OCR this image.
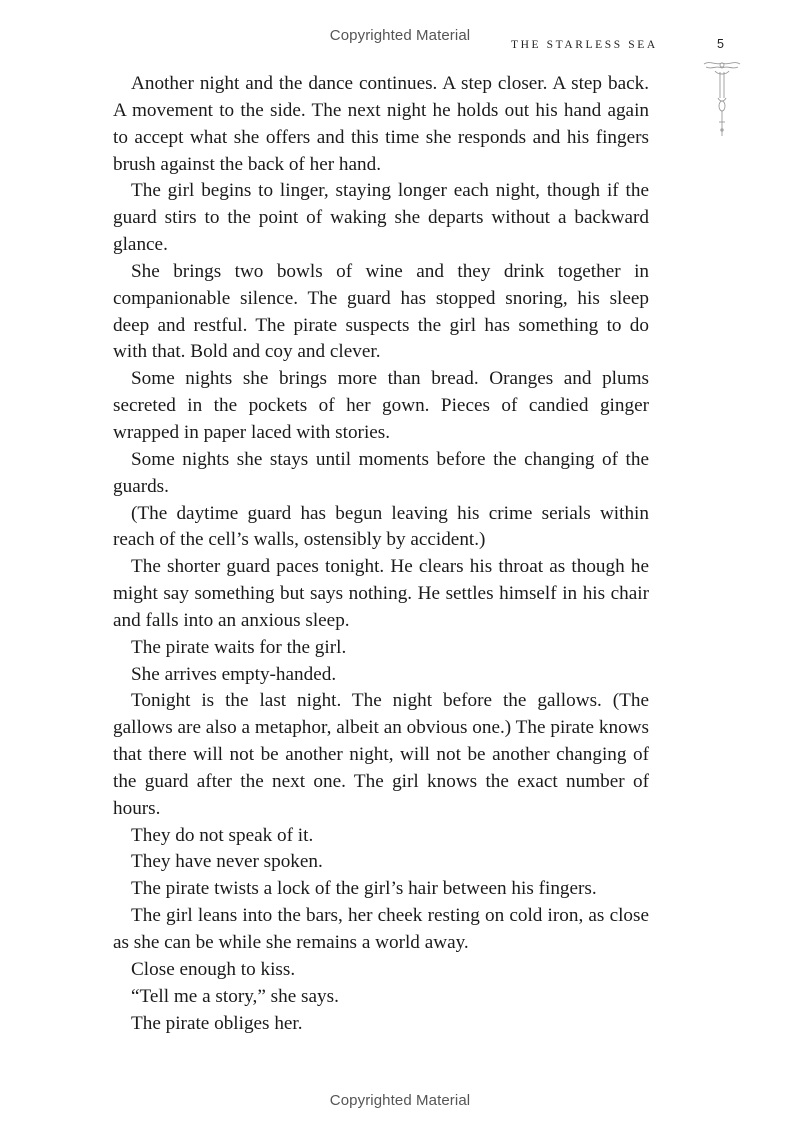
Copyrighted Material
THE STARLESS SEA	5

Another night and the dance continues. A step closer. A step back. A movement to the side. The next night he holds out his hand again to accept what she offers and this time she responds and his fingers brush against the back of her hand.

The girl begins to linger, staying longer each night, though if the guard stirs to the point of waking she departs without a backward glance.

She brings two bowls of wine and they drink together in companionable silence. The guard has stopped snoring, his sleep deep and restful. The pirate suspects the girl has something to do with that. Bold and coy and clever.

Some nights she brings more than bread. Oranges and plums secreted in the pockets of her gown. Pieces of candied ginger wrapped in paper laced with stories.

Some nights she stays until moments before the changing of the guards.

(The daytime guard has begun leaving his crime serials within reach of the cell’s walls, ostensibly by accident.)

The shorter guard paces tonight. He clears his throat as though he might say something but says nothing. He settles himself in his chair and falls into an anxious sleep.

The pirate waits for the girl.

She arrives empty-handed.

Tonight is the last night. The night before the gallows. (The gallows are also a metaphor, albeit an obvious one.) The pirate knows that there will not be another night, will not be another changing of the guard after the next one. The girl knows the exact number of hours.

They do not speak of it.

They have never spoken.

The pirate twists a lock of the girl’s hair between his fingers.

The girl leans into the bars, her cheek resting on cold iron, as close as she can be while she remains a world away.

Close enough to kiss.

“Tell me a story,” she says.

The pirate obliges her.

Copyrighted Material
